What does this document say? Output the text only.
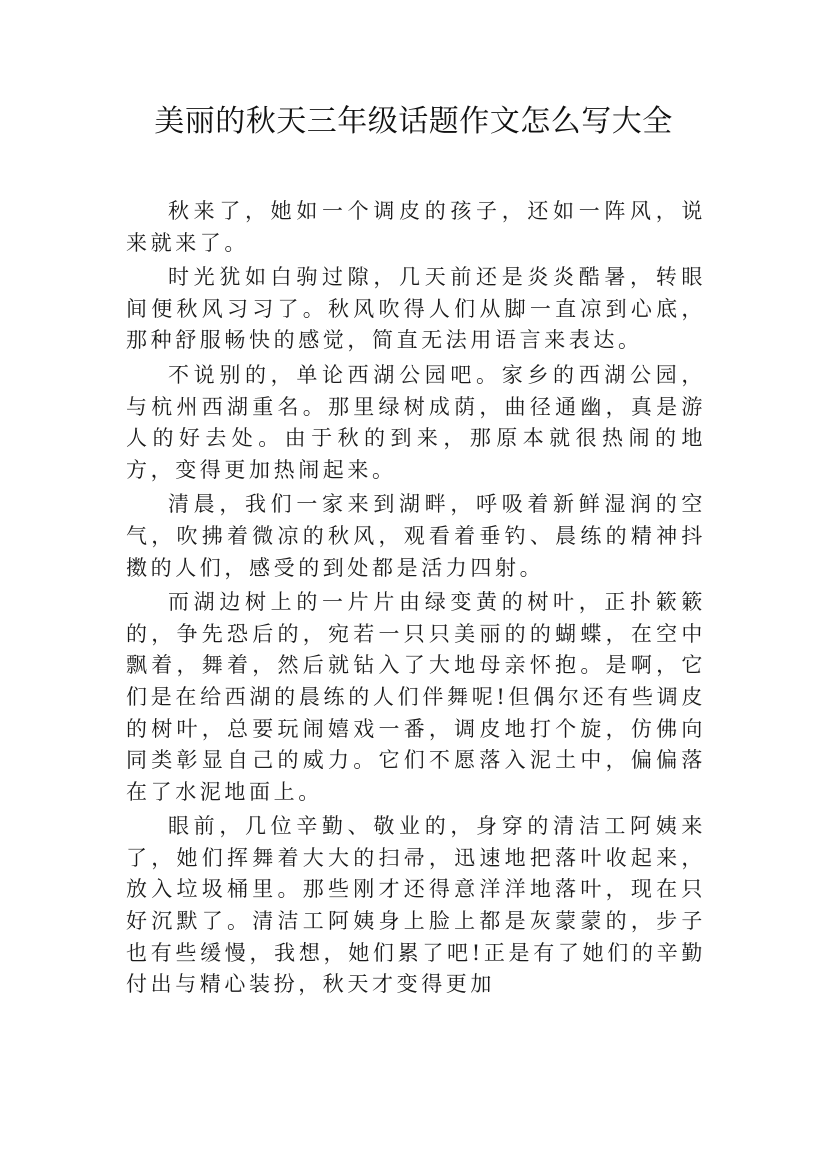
美丽的秋天三年级话题作文怎么写大全

秋来了，她如一个调皮的孩子，还如一阵风，说来就来了。

时光犹如白驹过隙，几天前还是炎炎酷暑，转眼间便秋风习习了。秋风吹得人们从脚一直凉到心底，那种舒服畅快的感觉，简直无法用语言来表达。

不说别的，单论西湖公园吧。家乡的西湖公园，与杭州西湖重名。那里绿树成荫，曲径通幽，真是游人的好去处。由于秋的到来，那原本就很热闹的地方，变得更加热闹起来。

清晨，我们一家来到湖畔，呼吸着新鲜湿润的空气，吹拂着微凉的秋风，观看着垂钓、晨练的精神抖擞的人们，感受的到处都是活力四射。

而湖边树上的一片片由绿变黄的树叶，正扑簌簌的，争先恐后的，宛若一只只美丽的的蝴蝶，在空中飘着，舞着，然后就钻入了大地母亲怀抱。是啊，它们是在给西湖的晨练的人们伴舞呢!但偶尔还有些调皮的树叶，总要玩闹嬉戏一番，调皮地打个旋，仿佛向同类彰显自己的威力。它们不愿落入泥土中，偏偏落在了水泥地面上。

眼前，几位辛勤、敬业的，身穿的清洁工阿姨来了，她们挥舞着大大的扫帚，迅速地把落叶收起来，放入垃圾桶里。那些刚才还得意洋洋地落叶，现在只好沉默了。清洁工阿姨身上脸上都是灰蒙蒙的，步子也有些缓慢，我想，她们累了吧!正是有了她们的辛勤付出与精心装扮，秋天才变得更加
